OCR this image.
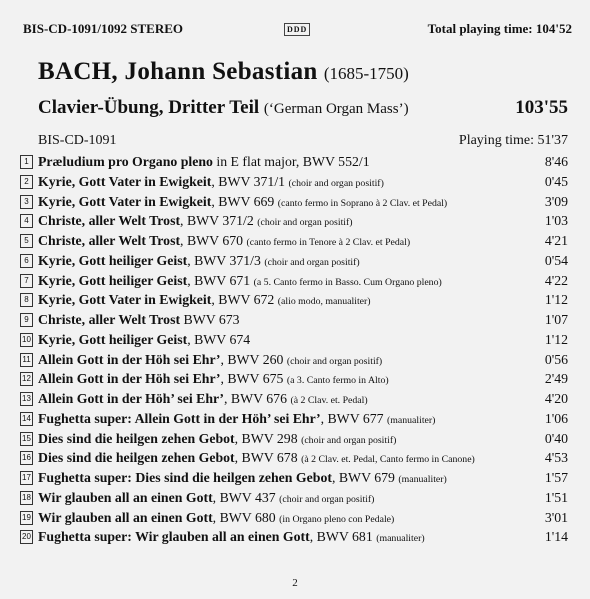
BIS-CD-1091/1092 STEREO	DDD	Total playing time: 104'52
BACH, Johann Sebastian (1685-1750)
Clavier-Übung, Dritter Teil (‘German Organ Mass’)	103'55
BIS-CD-1091	Playing time: 51'37
1 Præludium pro Organo pleno in E flat major, BWV 552/1	8'46
2 Kyrie, Gott Vater in Ewigkeit, BWV 371/1 (choir and organ positif)	0'45
3 Kyrie, Gott Vater in Ewigkeit, BWV 669 (canto fermo in Soprano à 2 Clav. et Pedal)	3'09
4 Christe, aller Welt Trost, BWV 371/2 (choir and organ positif)	1'03
5 Christe, aller Welt Trost, BWV 670 (canto fermo in Tenore à 2 Clav. et Pedal)	4'21
6 Kyrie, Gott heiliger Geist, BWV 371/3 (choir and organ positif)	0'54
7 Kyrie, Gott heiliger Geist, BWV 671 (a 5. Canto fermo in Basso. Cum Organo pleno)	4'22
8 Kyrie, Gott Vater in Ewigkeit, BWV 672 (alio modo, manualiter)	1'12
9 Christe, aller Welt Trost BWV 673	1'07
10 Kyrie, Gott heiliger Geist, BWV 674	1'12
11 Allein Gott in der Höh sei Ehr’, BWV 260 (choir and organ positif)	0'56
12 Allein Gott in der Höh sei Ehr’, BWV 675 (a 3. Canto fermo in Alto)	2'49
13 Allein Gott in der Höh’ sei Ehr’, BWV 676 (à 2 Clav. et. Pedal)	4'20
14 Fughetta super: Allein Gott in der Höh’ sei Ehr’, BWV 677 (manualiter)	1'06
15 Dies sind die heilgen zehen Gebot, BWV 298 (choir and organ positif)	0'40
16 Dies sind die heilgen zehen Gebot, BWV 678 (à 2 Clav. et. Pedal, Canto fermo in Canone)	4'53
17 Fughetta super: Dies sind die heilgen zehen Gebot, BWV 679 (manualiter)	1'57
18 Wir glauben all an einen Gott, BWV 437 (choir and organ positif)	1'51
19 Wir glauben all an einen Gott, BWV 680 (in Organo pleno con Pedale)	3'01
20 Fughetta super: Wir glauben all an einen Gott, BWV 681 (manualiter)	1'14
2
